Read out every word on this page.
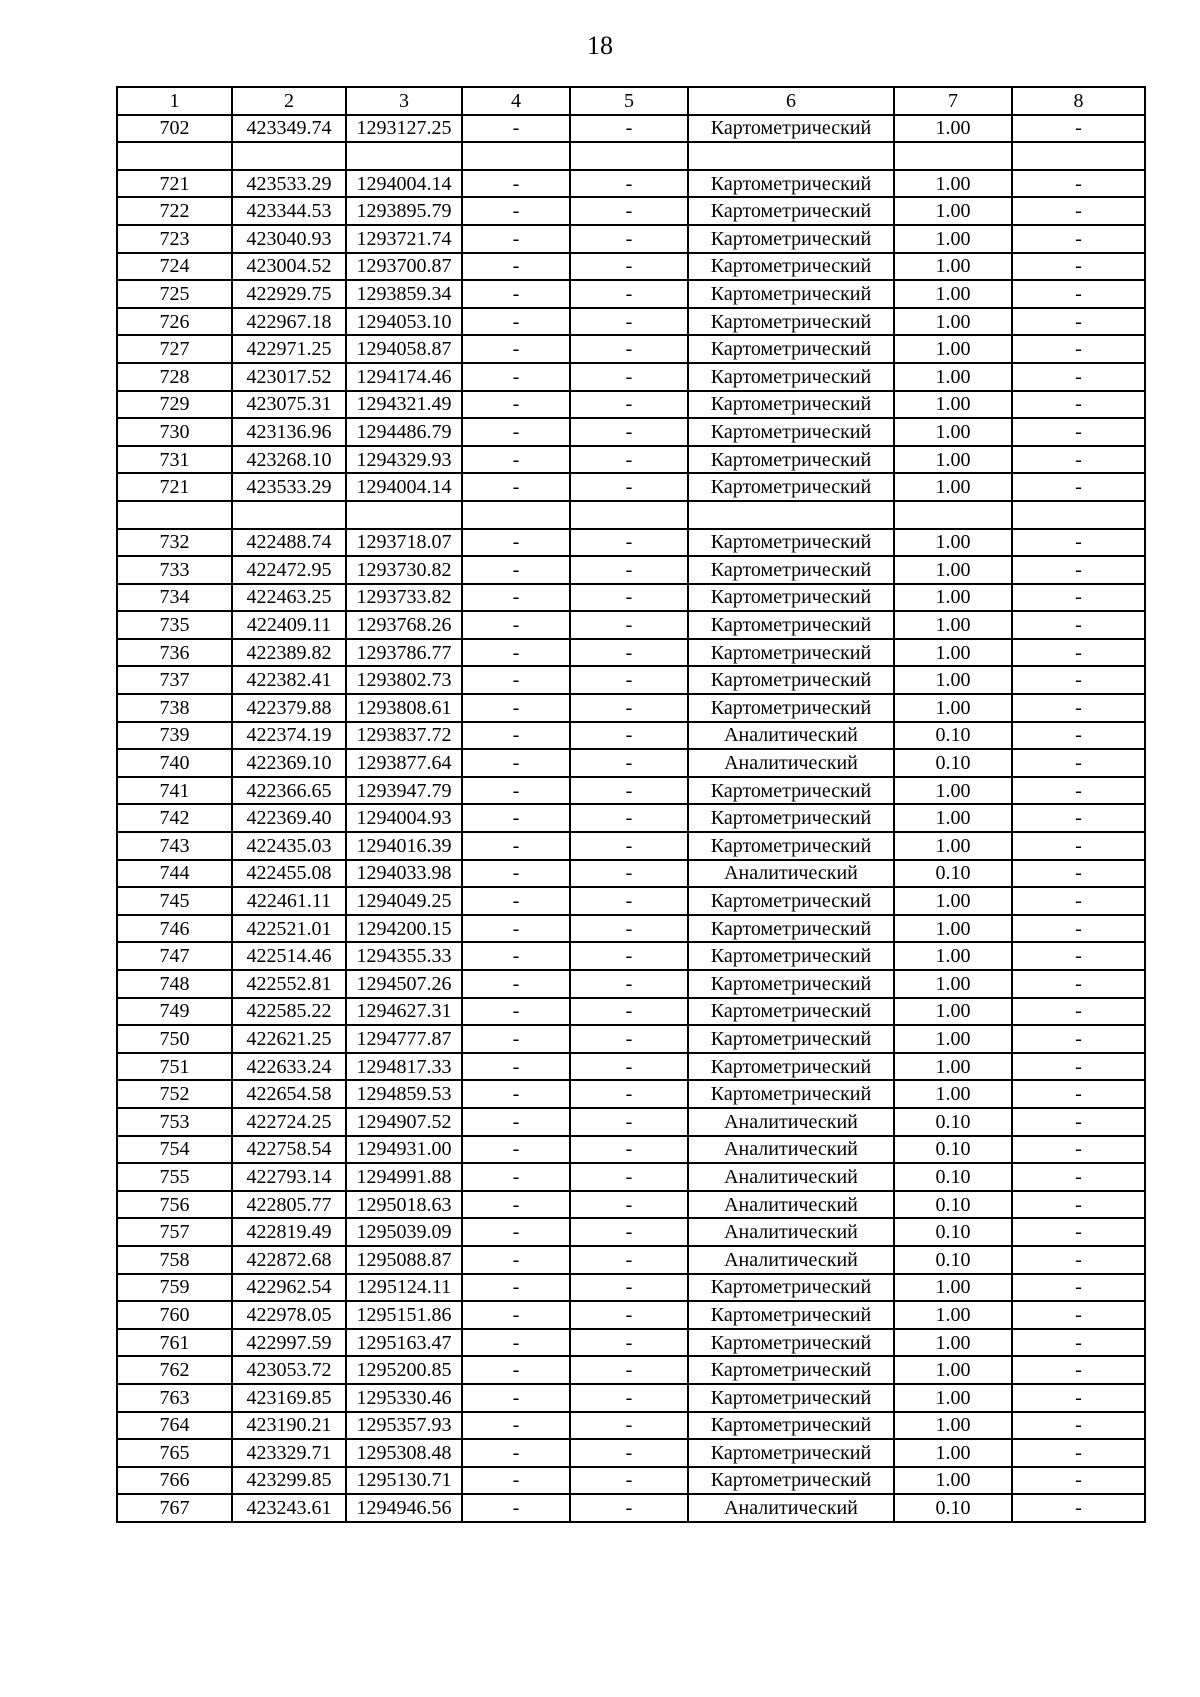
18
1	2	3	4	5	6	7	8
702	423349.74	1293127.25	-	-	Картометрический	1.00	-

721	423533.29	1294004.14	-	-	Картометрический	1.00	-
722	423344.53	1293895.79	-	-	Картометрический	1.00	-
723	423040.93	1293721.74	-	-	Картометрический	1.00	-
724	423004.52	1293700.87	-	-	Картометрический	1.00	-
725	422929.75	1293859.34	-	-	Картометрический	1.00	-
726	422967.18	1294053.10	-	-	Картометрический	1.00	-
727	422971.25	1294058.87	-	-	Картометрический	1.00	-
728	423017.52	1294174.46	-	-	Картометрический	1.00	-
729	423075.31	1294321.49	-	-	Картометрический	1.00	-
730	423136.96	1294486.79	-	-	Картометрический	1.00	-
731	423268.10	1294329.93	-	-	Картометрический	1.00	-
721	423533.29	1294004.14	-	-	Картометрический	1.00	-

732	422488.74	1293718.07	-	-	Картометрический	1.00	-
733	422472.95	1293730.82	-	-	Картометрический	1.00	-
734	422463.25	1293733.82	-	-	Картометрический	1.00	-
735	422409.11	1293768.26	-	-	Картометрический	1.00	-
736	422389.82	1293786.77	-	-	Картометрический	1.00	-
737	422382.41	1293802.73	-	-	Картометрический	1.00	-
738	422379.88	1293808.61	-	-	Картометрический	1.00	-
739	422374.19	1293837.72	-	-	Аналитический	0.10	-
740	422369.10	1293877.64	-	-	Аналитический	0.10	-
741	422366.65	1293947.79	-	-	Картометрический	1.00	-
742	422369.40	1294004.93	-	-	Картометрический	1.00	-
743	422435.03	1294016.39	-	-	Картометрический	1.00	-
744	422455.08	1294033.98	-	-	Аналитический	0.10	-
745	422461.11	1294049.25	-	-	Картометрический	1.00	-
746	422521.01	1294200.15	-	-	Картометрический	1.00	-
747	422514.46	1294355.33	-	-	Картометрический	1.00	-
748	422552.81	1294507.26	-	-	Картометрический	1.00	-
749	422585.22	1294627.31	-	-	Картометрический	1.00	-
750	422621.25	1294777.87	-	-	Картометрический	1.00	-
751	422633.24	1294817.33	-	-	Картометрический	1.00	-
752	422654.58	1294859.53	-	-	Картометрический	1.00	-
753	422724.25	1294907.52	-	-	Аналитический	0.10	-
754	422758.54	1294931.00	-	-	Аналитический	0.10	-
755	422793.14	1294991.88	-	-	Аналитический	0.10	-
756	422805.77	1295018.63	-	-	Аналитический	0.10	-
757	422819.49	1295039.09	-	-	Аналитический	0.10	-
758	422872.68	1295088.87	-	-	Аналитический	0.10	-
759	422962.54	1295124.11	-	-	Картометрический	1.00	-
760	422978.05	1295151.86	-	-	Картометрический	1.00	-
761	422997.59	1295163.47	-	-	Картометрический	1.00	-
762	423053.72	1295200.85	-	-	Картометрический	1.00	-
763	423169.85	1295330.46	-	-	Картометрический	1.00	-
764	423190.21	1295357.93	-	-	Картометрический	1.00	-
765	423329.71	1295308.48	-	-	Картометрический	1.00	-
766	423299.85	1295130.71	-	-	Картометрический	1.00	-
767	423243.61	1294946.56	-	-	Аналитический	0.10	-
